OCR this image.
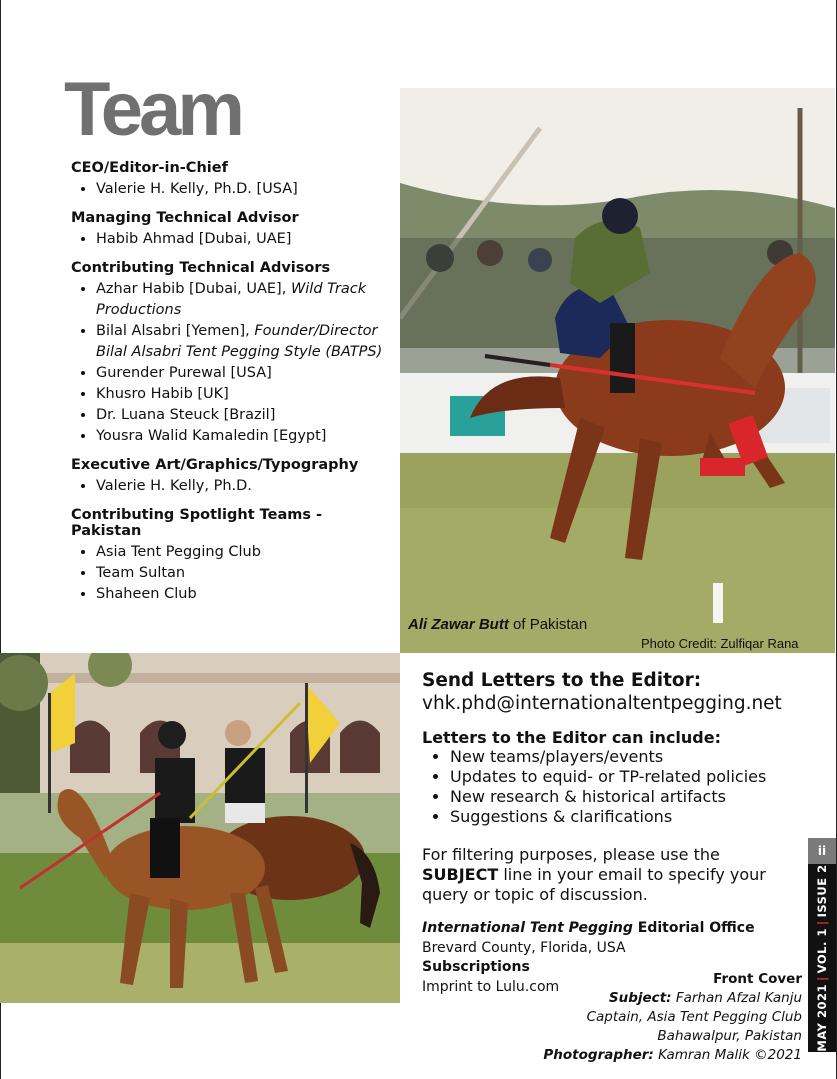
Team
CEO/Editor-in-Chief
• Valerie H. Kelly, Ph.D. [USA]
Managing Technical Advisor
• Habib Ahmad [Dubai, UAE]
Contributing Technical Advisors
• Azhar Habib [Dubai, UAE], Wild Track Productions
• Bilal Alsabri [Yemen], Founder/Director Bilal Alsabri Tent Pegging Style (BATPS)
• Gurender Purewal [USA]
• Khusro Habib [UK]
• Dr. Luana Steuck [Brazil]
• Yousra Walid Kamaledin [Egypt]
Executive Art/Graphics/Typography
• Valerie H. Kelly, Ph.D.
Contributing Spotlight Teams - Pakistan
• Asia Tent Pegging Club
• Team Sultan
• Shaheen Club
Ali Zawar Butt of Pakistan
Photo Credit: Zulfiqar Rana
Send Letters to the Editor:
vhk.phd@internationaltentpegging.net
Letters to the Editor can include:
• New teams/players/events
• Updates to equid- or TP-related policies
• New research & historical artifacts
• Suggestions & clarifications
For filtering purposes, please use the SUBJECT line in your email to specify your query or topic of discussion.
International Tent Pegging Editorial Office
Brevard County, Florida, USA
Subscriptions
Imprint to Lulu.com	Front Cover
Subject: Farhan Afzal Kanju
Captain, Asia Tent Pegging Club
Bahawalpur, Pakistan
Photographer: Kamran Malik ©2021
ii
MAY 2021|VOL. 1|ISSUE 2
